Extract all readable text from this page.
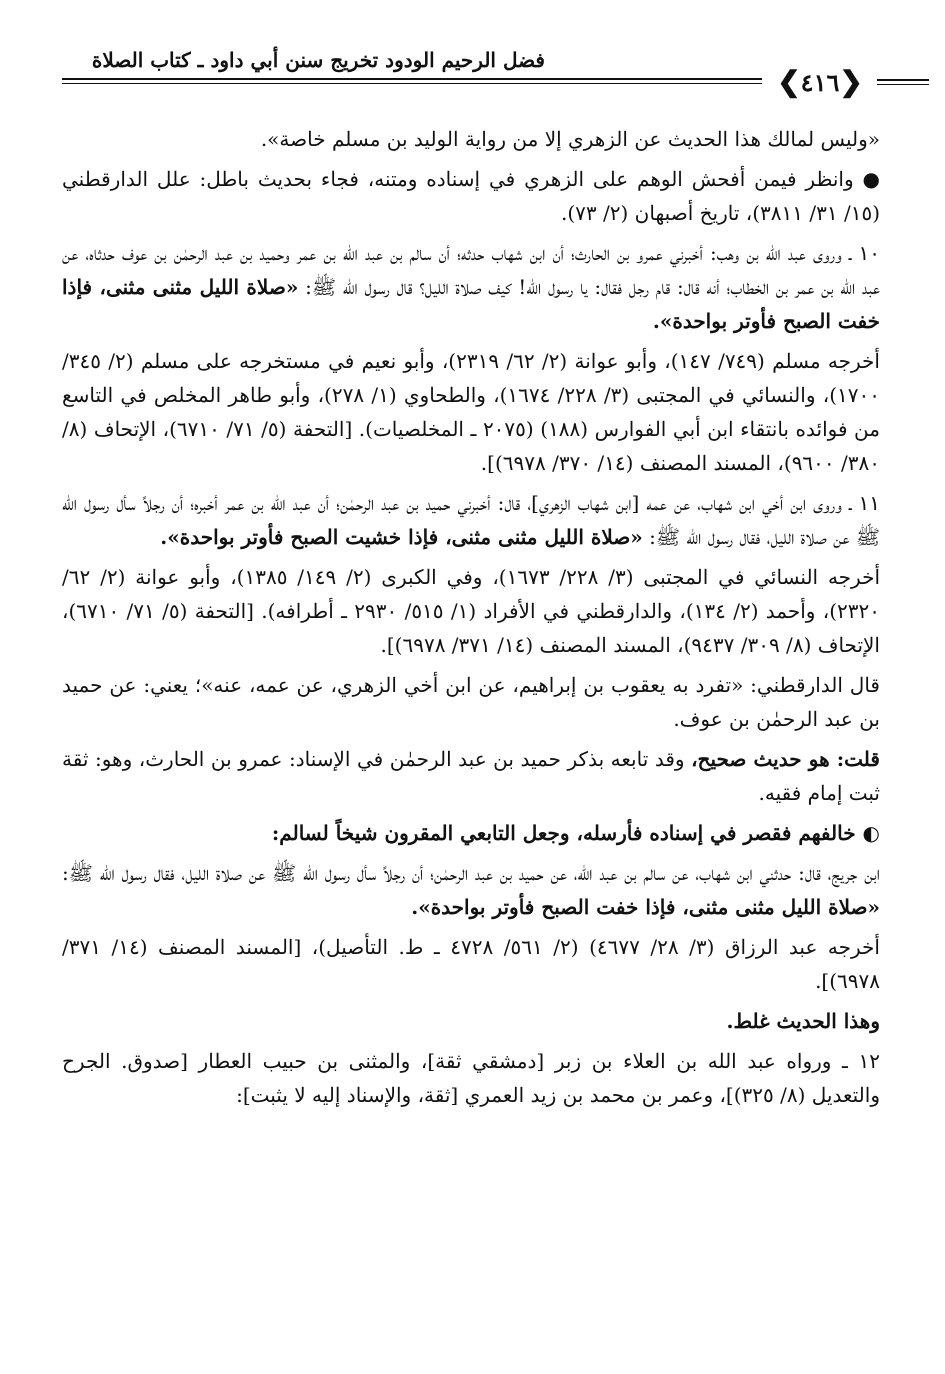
فضل الرحيم الودود تخريج سنن أبي داود ـ كتاب الصلاة
❮
٤١٦
❯

«وليس لمالك هذا الحديث عن الزهري إلا من رواية الوليد بن مسلم خاصة».

● وانظر فيمن أفحش الوهم على الزهري في إسناده ومتنه، فجاء بحديث باطل: علل الدارقطني (١٥/ ٣١/ ٣٨١١)، تاريخ أصبهان (٢/ ٧٣).

١٠ ـ وروى عبد الله بن وهب: أخبرني عمرو بن الحارث؛ أن ابن شهاب حدثه؛ أن سالم بن عبد الله بن عمر وحميد بن عبد الرحمٰن بن عوف حدثاه، عن عبد الله بن عمر بن الخطاب؛ أنه قال: قام رجل فقال: يا رسول الله! كيف صلاة الليل؟ قال رسول الله ﷺ: «صلاة الليل مثنى مثنى، فإذا خفت الصبح فأوتر بواحدة».

أخرجه مسلم (٧٤٩/ ١٤٧)، وأبو عوانة (٢/ ٦٢/ ٢٣١٩)، وأبو نعيم في مستخرجه على مسلم (٢/ ٣٤٥/ ١٧٠٠)، والنسائي في المجتبى (٣/ ٢٢٨/ ١٦٧٤)، والطحاوي (١/ ٢٧٨)، وأبو طاهر المخلص في التاسع من فوائده بانتقاء ابن أبي الفوارس (١٨٨) (٢٠٧٥ ـ المخلصيات). [التحفة (٥/ ٧١/ ٦٧١٠)، الإتحاف (٨/ ٣٨٠/ ٩٦٠٠)، المسند المصنف (١٤/ ٣٧٠/ ٦٩٧٨)].

١١ ـ وروى ابن أخي ابن شهاب، عن عمه [ابن شهاب الزهري]، قال: أخبرني حميد بن عبد الرحمٰن؛ أن عبد الله بن عمر أخبره؛ أن رجلاً سأل رسول الله ﷺ عن صلاة الليل، فقال رسول الله ﷺ: «صلاة الليل مثنى مثنى، فإذا خشيت الصبح فأوتر بواحدة».

أخرجه النسائي في المجتبى (٣/ ٢٢٨/ ١٦٧٣)، وفي الكبرى (٢/ ١٤٩/ ١٣٨٥)، وأبو عوانة (٢/ ٦٢/ ٢٣٢٠)، وأحمد (٢/ ١٣٤)، والدارقطني في الأفراد (١/ ٥١٥/ ٢٩٣٠ ـ أطرافه). [التحفة (٥/ ٧١/ ٦٧١٠)، الإتحاف (٨/ ٣٠٩/ ٩٤٣٧)، المسند المصنف (١٤/ ٣٧١/ ٦٩٧٨)].

قال الدارقطني: «تفرد به يعقوب بن إبراهيم، عن ابن أخي الزهري، عن عمه، عنه»؛ يعني: عن حميد بن عبد الرحمٰن بن عوف.

قلت: هو حديث صحيح، وقد تابعه بذكر حميد بن عبد الرحمٰن في الإسناد: عمرو بن الحارث، وهو: ثقة ثبت إمام فقيه.

◐ خالفهم فقصر في إسناده فأرسله، وجعل التابعي المقرون شيخاً لسالم:

ابن جريج، قال: حدثني ابن شهاب، عن سالم بن عبد الله، عن حميد بن عبد الرحمٰن؛ أن رجلاً سأل رسول الله ﷺ عن صلاة الليل، فقال رسول الله ﷺ: «صلاة الليل مثنى مثنى، فإذا خفت الصبح فأوتر بواحدة».

أخرجه عبد الرزاق (٣/ ٢٨/ ٤٦٧٧) (٢/ ٥٦١/ ٤٧٢٨ ـ ط. التأصيل)، [المسند المصنف (١٤/ ٣٧١/ ٦٩٧٨)].

وهذا الحديث غلط.

١٢ ـ ورواه عبد الله بن العلاء بن زبر [دمشقي ثقة]، والمثنى بن حبيب العطار [صدوق. الجرح والتعديل (٨/ ٣٢٥)]، وعمر بن محمد بن زيد العمري [ثقة، والإسناد إليه لا يثبت]:
